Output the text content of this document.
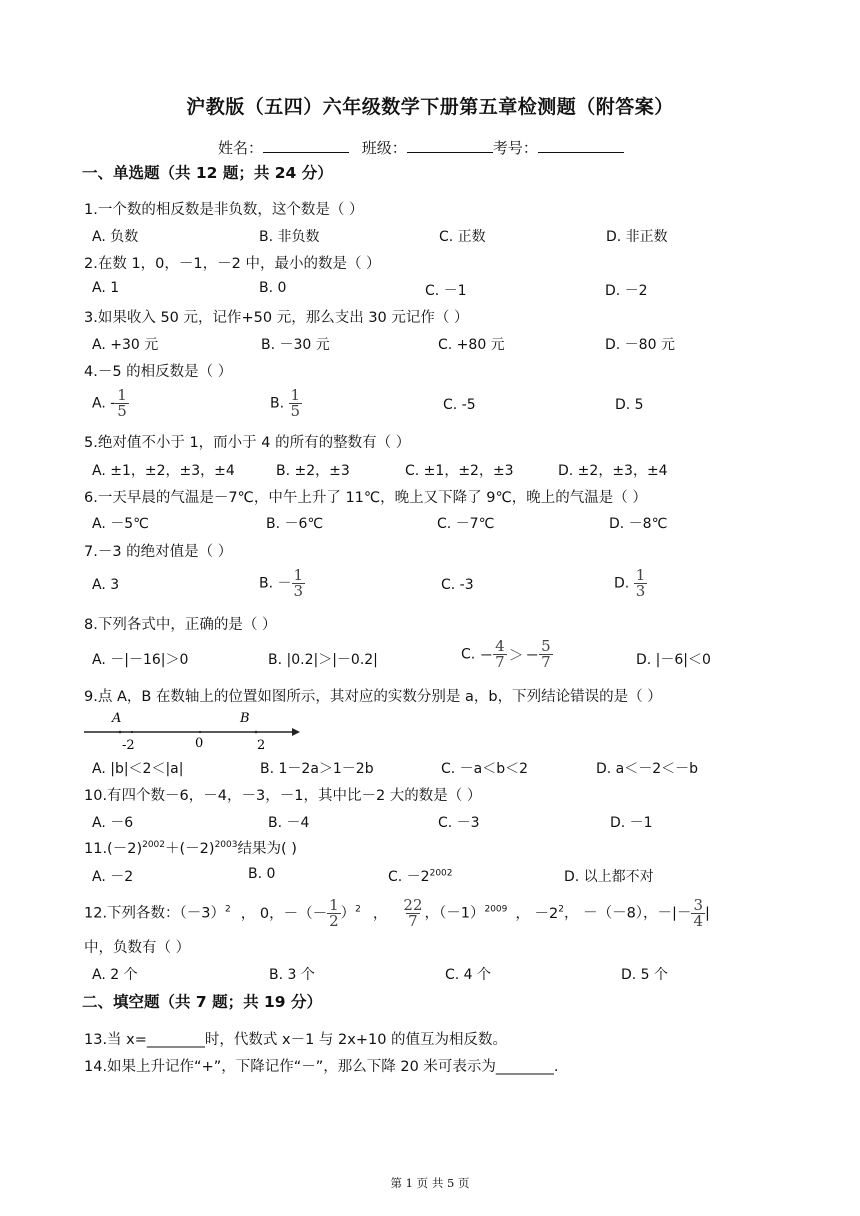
沪教版（五四）六年级数学下册第五章检测题（附答案）
姓名：	班级：	考号：
一、单选题（共 12 题；共 24 分）
1.一个数的相反数是非负数，这个数是（ ）
A. 负数	B. 非负数	C. 正数	D. 非正数
2.在数 1，0，－1，－2 中，最小的数是（ ）
A. 1	B. 0	C. －1	D. －2
3.如果收入 50 元，记作+50 元，那么支出 30 元记作（ ）
A. +30 元	B. －30 元	C. +80 元	D. －80 元
4.－5 的相反数是（ ）
A. - $\frac{1}{5}$	B. $\frac{1}{5}$	C. -5	D. 5
5.绝对值不小于 1，而小于 4 的所有的整数有（ ）
A. ±1，±2，±3，±4	B. ±2，±3	C. ±1，±2，±3	D. ±2，±3，±4
6.一天早晨的气温是－7℃，中午上升了 11℃，晚上又下降了 9℃，晚上的气温是（ ）
A. －5℃	B. －6℃	C. －7℃	D. －8℃
7.－3 的绝对值是（ ）
A. 3	B. － $\frac{1}{3}$	C. -3	D. $\frac{1}{3}$
8.下列各式中，正确的是（ ）
A. －|－16|＞0	B. |0.2|＞|－0.2|	C. − $\frac{4}{7}$ ＞ − $\frac{5}{7}$	D. |－6|＜0
9.点 A，B 在数轴上的位置如图所示，其对应的实数分别是 a，b，下列结论错误的是（ ）
A	B
-2	0	2
A. |b|＜2＜|a|	B. 1－2a＞1－2b	C. －a＜b＜2	D. a＜－2＜－b
10.有四个数－6，－4，－3，－1，其中比－2 大的数是（ ）
A. －6	B. －4	C. －3	D. －1
$11.(-2)^{2002}+(-2)^{2003}$结果为( )
A. －2	B. 0	C. $-2^{2002}$	D. 以上都不对
12.下列各数：$(-3)^2$ ， 0，－（－ $\frac{1}{2} )^2$ ， $\frac{22}{7}$ ，$(-1)^{2009}$ ， $-2^2$， －（－8），－|－ $\frac{3}{4}$ |
中，负数有（ ）
A. 2 个	B. 3 个	C. 4 个	D. 5 个
二、填空题（共 7 题；共 19 分）
13.当 x=________时，代数式 x－1 与 2x+10 的值互为相反数。
14.如果上升记作“+”，下降记作“－”，那么下降 20 米可表示为________.
第 1 页 共 5 页
